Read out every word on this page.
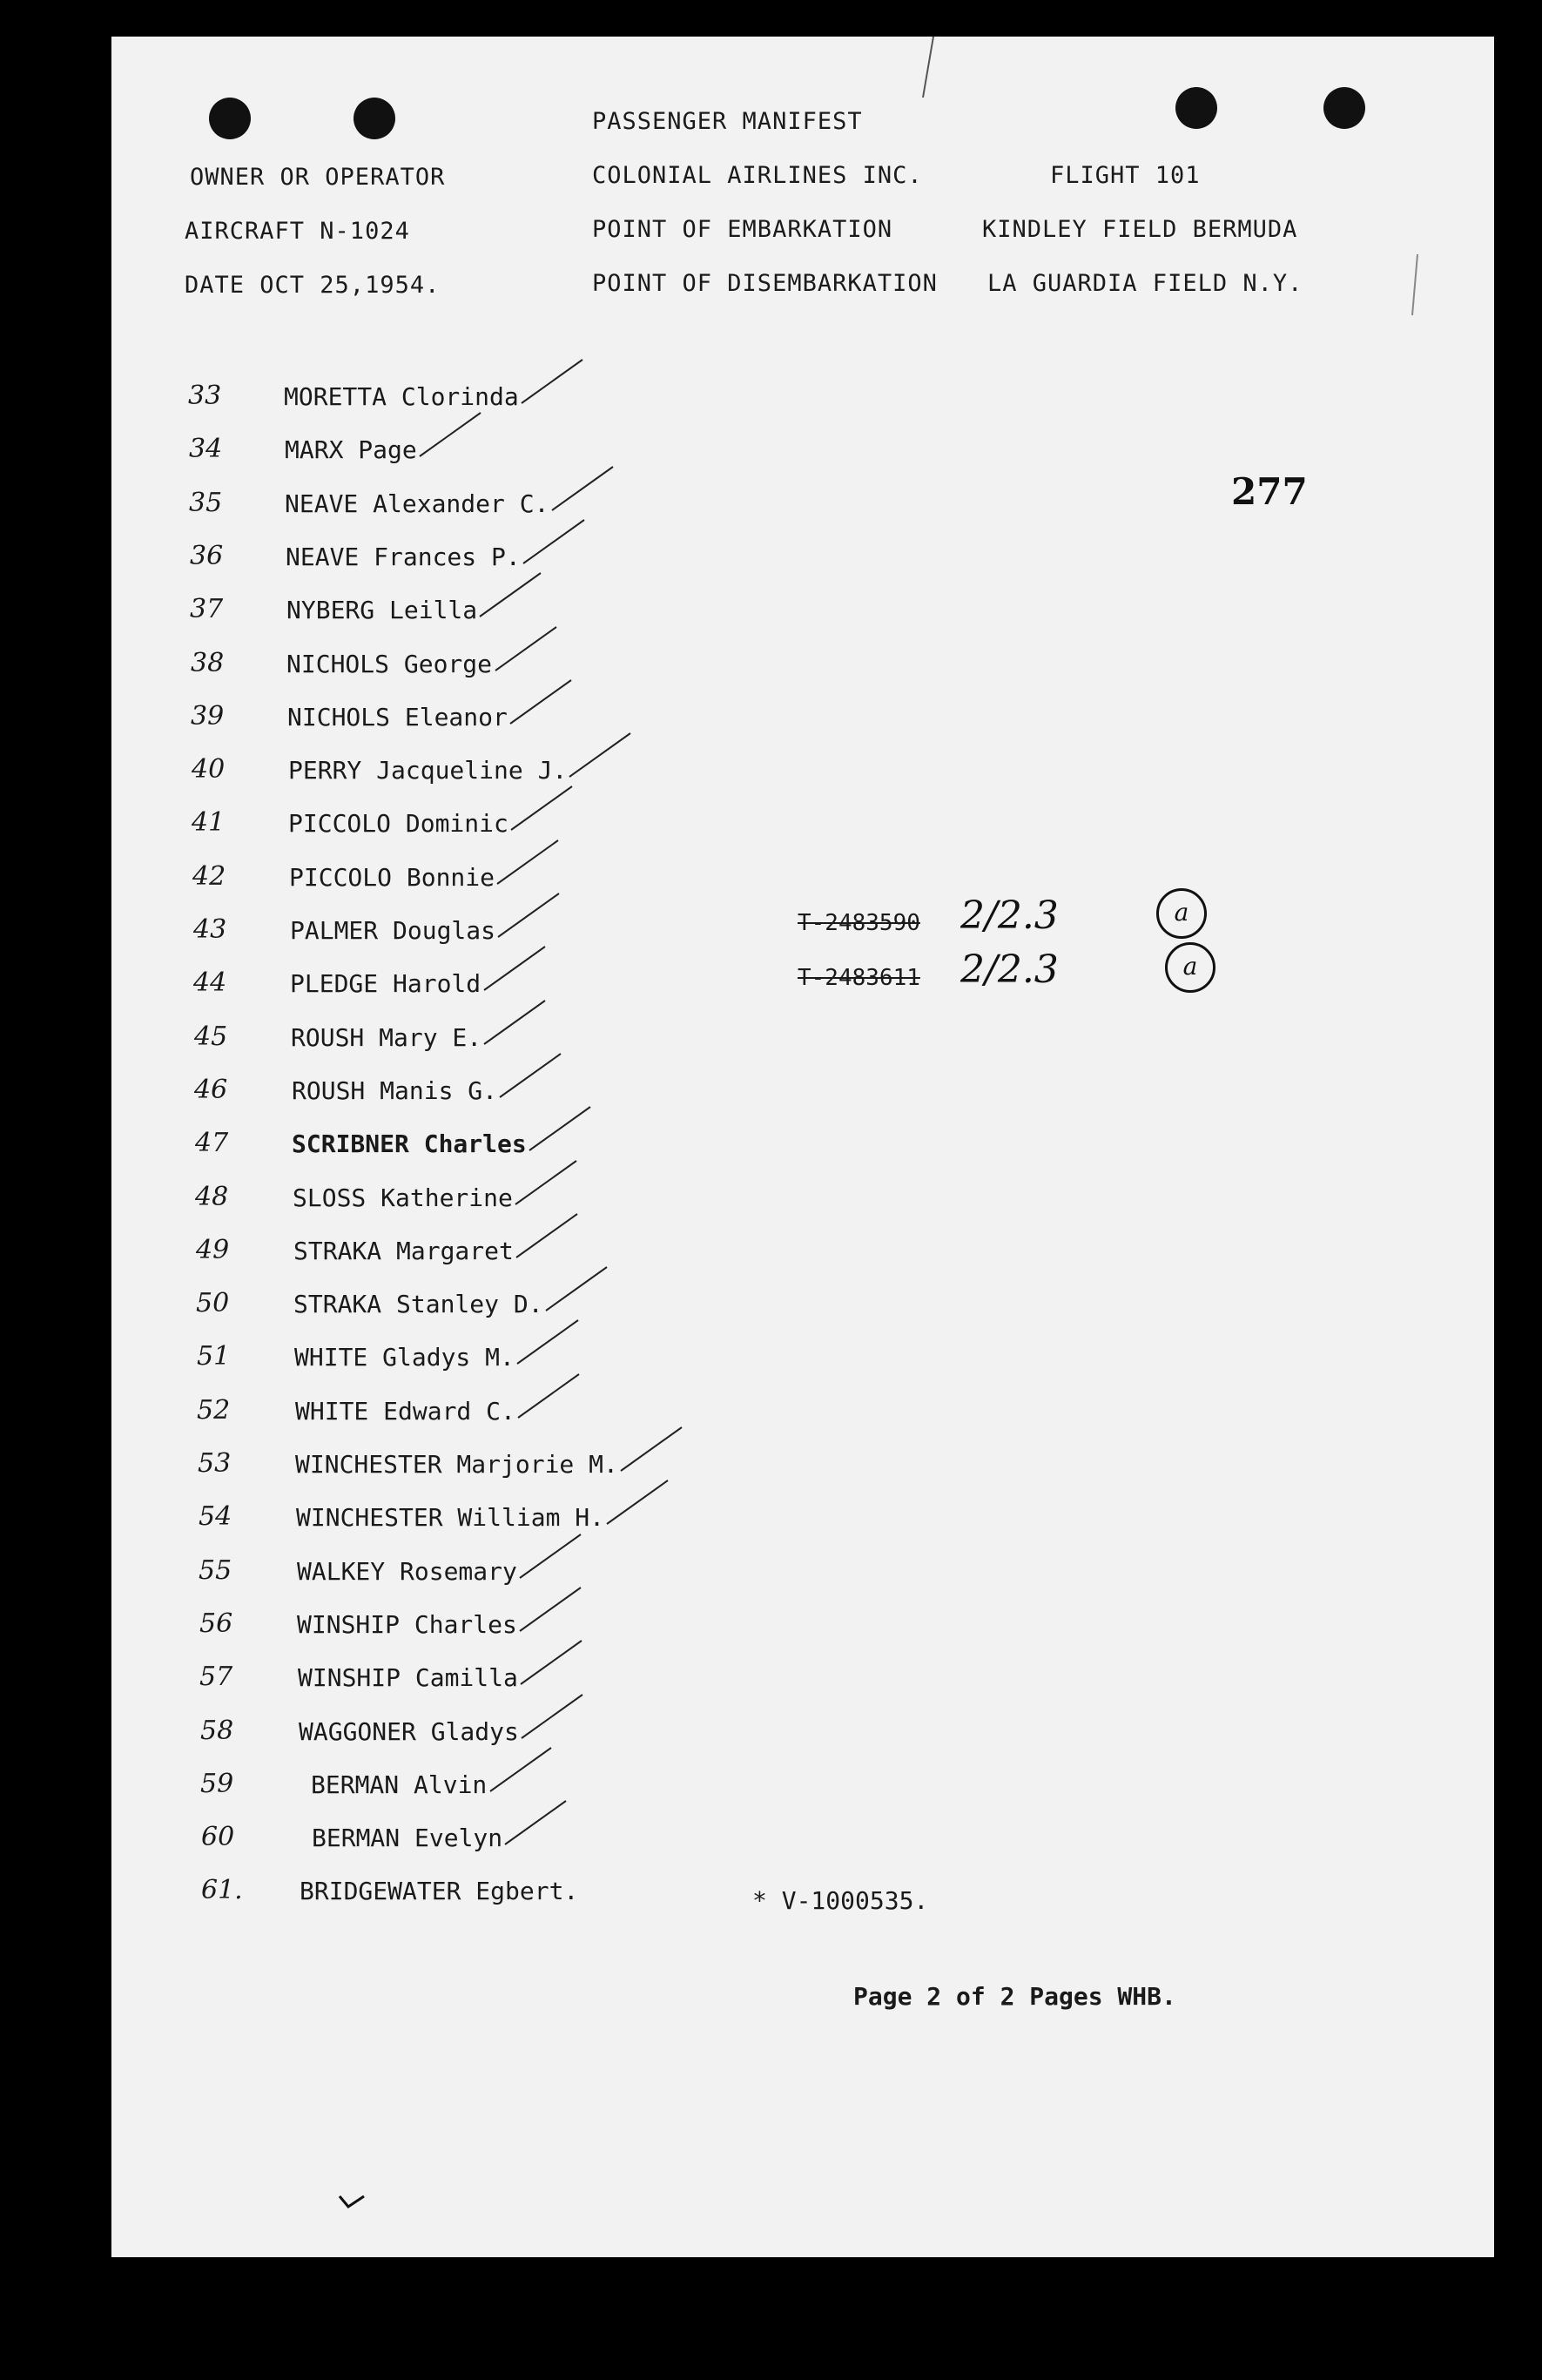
PASSENGER MANIFEST
OWNER OR OPERATOR	COLONIAL AIRLINES INC.	FLIGHT 101
AIRCRAFT N-1024	POINT OF EMBARKATION	KINDLEY FIELD BERMUDA
DATE OCT 25,1954.	POINT OF DISEMBARKATION LA GUARDIA FIELD N.Y.
277
33	MORETTA Clorinda
34	MARX Page
35	NEAVE Alexander C.
36	NEAVE Frances P.
37	NYBERG Leilla
38	NICHOLS George
39	NICHOLS Eleanor
40	PERRY Jacqueline J.
41	PICCOLO Dominic
42	PICCOLO Bonnie
43	PALMER Douglas
44	PLEDGE Harold
45	ROUSH Mary E.
46	ROUSH Manis G.
47	SCRIBNER Charles
48	SLOSS Katherine
49	STRAKA Margaret
50	STRAKA Stanley D.
51	WHITE Gladys M.
52	WHITE Edward C.
53	WINCHESTER Marjorie M.
54	WINCHESTER William H.
55	WALKEY Rosemary
56	WINSHIP Charles
57	WINSHIP Camilla
58	WAGGONER Gladys
59	BERMAN Alvin
60	BERMAN Evelyn
61. BRIDGEWATER Egbert.
T-2483590 2/2.3	a
T-2483611 2/2.3	a
* V-1000535.
Page 2 of 2 Pages WHB.
